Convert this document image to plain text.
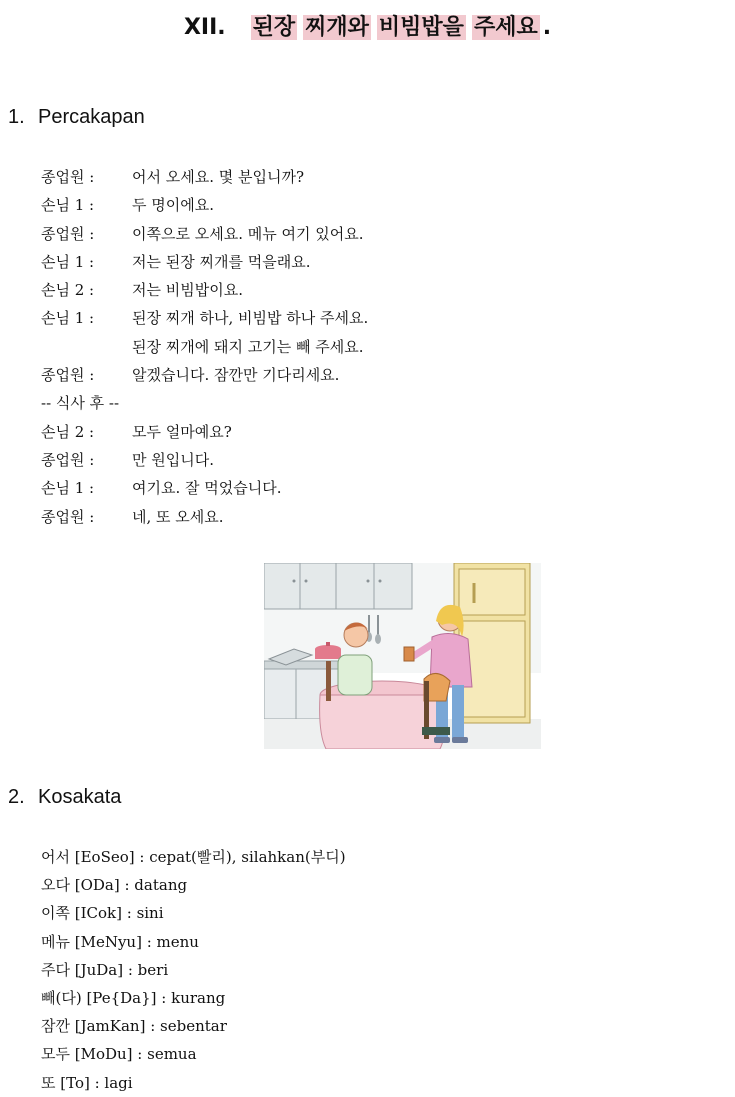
XII. 된장 찌개와 비빔밥을 주세요 .
1. Percakapan
종업원 :	어서 오세요. 몇 분입니까?
손님 1 :	두 명이에요.
종업원 :	이쪽으로 오세요. 메뉴 여기 있어요.
손님 1 :	저는 된장 찌개를 먹을래요.
손님 2 :	저는 비빔밥이요.
손님 1 :	된장 찌개 하나, 비빔밥 하나 주세요.
된장 찌개에 돼지 고기는 빼 주세요.
종업원 :	알겠습니다. 잠깐만 기다리세요.
-- 식사 후 --
손님 2 :	모두 얼마예요?
종업원 :	만 원입니다.
손님 1 :	여기요. 잘 먹었습니다.
종업원 :	네, 또 오세요.
2. Kosakata
어서 [EoSeo] : cepat(빨리), silahkan(부디)
오다 [ODa] : datang
이쪽 [ICok] : sini
메뉴 [MeNyu] : menu
주다 [JuDa] : beri
빼(다) [Pe{Da}] : kurang
잠깐 [JamKan] : sebentar
모두 [MoDu] : semua
또 [To] : lagi
